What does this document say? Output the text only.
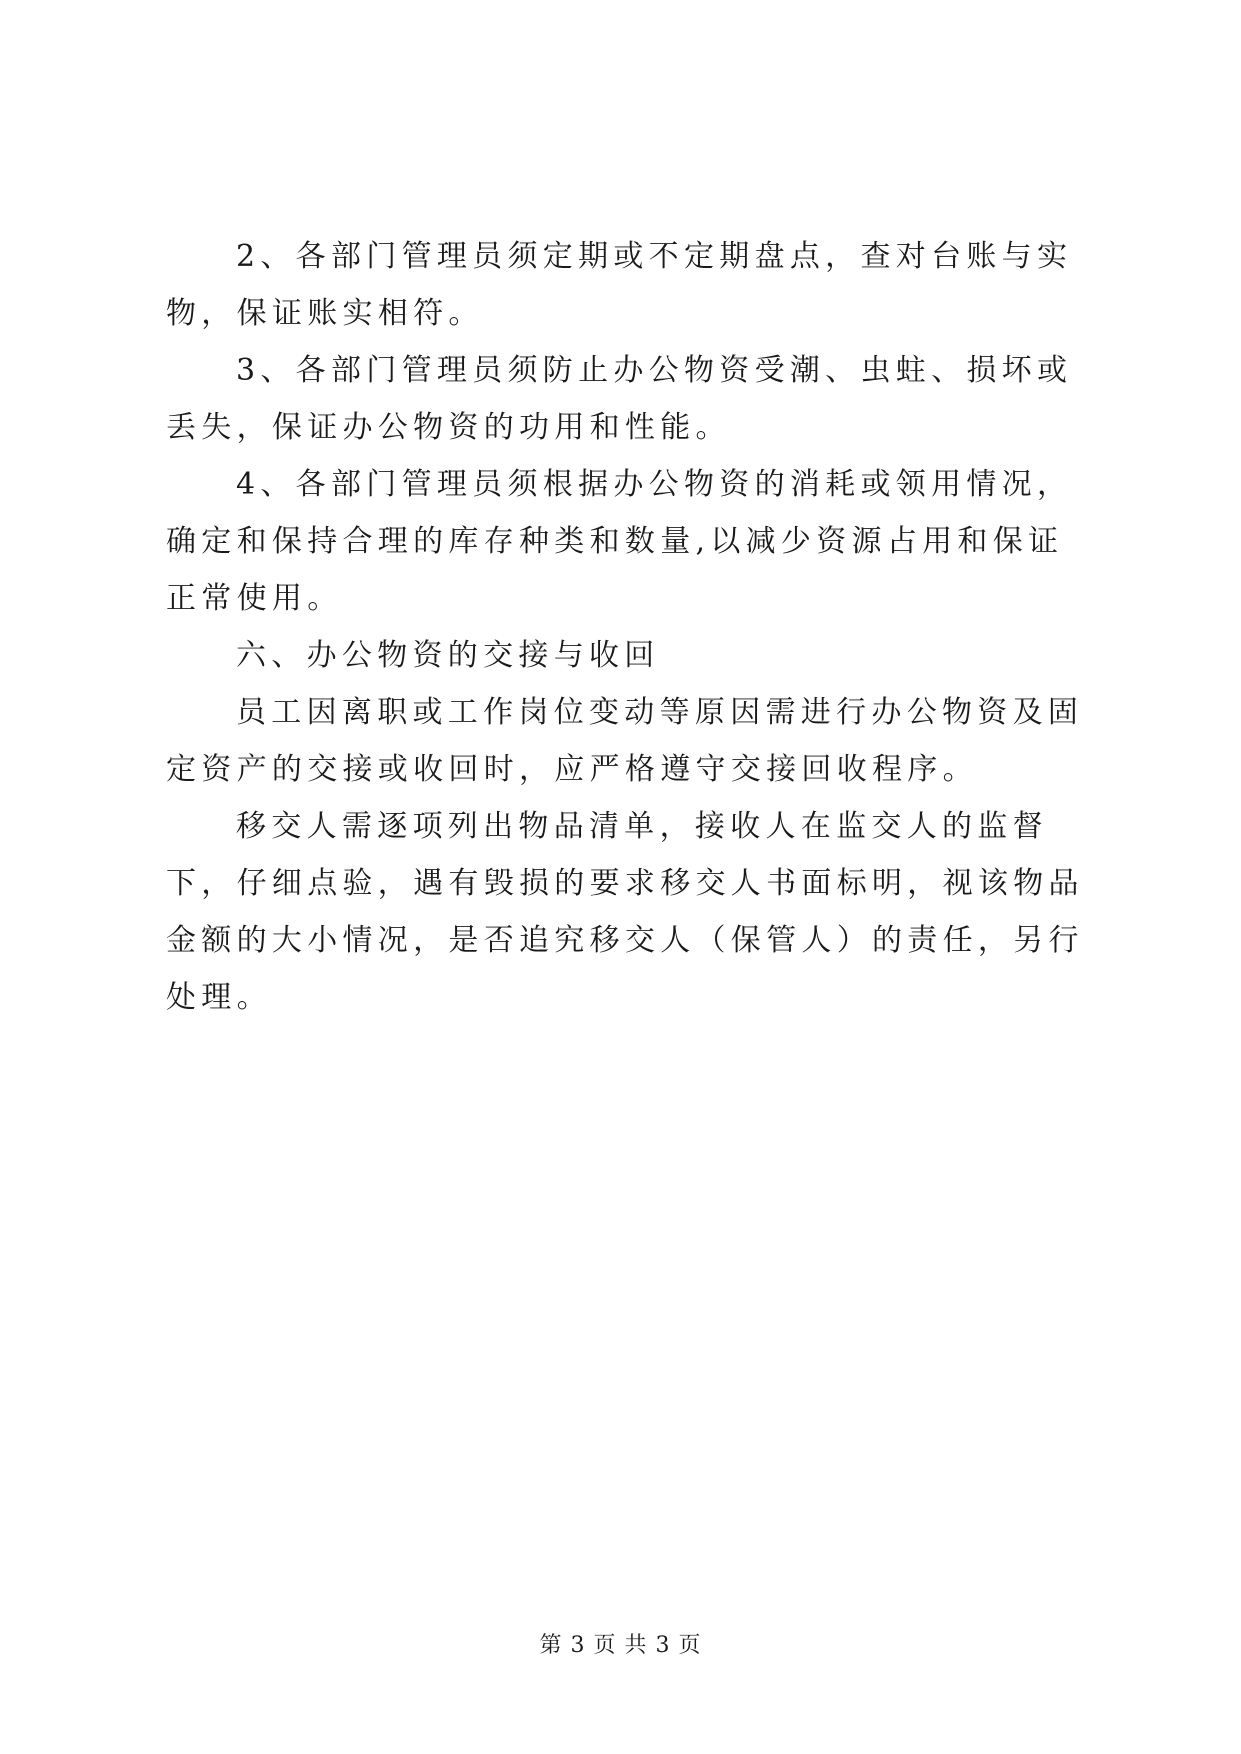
2、各部门管理员须定期或不定期盘点，查对台账与实物，保证账实相符。

3、各部门管理员须防止办公物资受潮、虫蛀、损坏或丢失，保证办公物资的功用和性能。

4、各部门管理员须根据办公物资的消耗或领用情况，确定和保持合理的库存种类和数量,以减少资源占用和保证正常使用。

六、办公物资的交接与收回

员工因离职或工作岗位变动等原因需进行办公物资及固定资产的交接或收回时，应严格遵守交接回收程序。

移交人需逐项列出物品清单，接收人在监交人的监督下，仔细点验，遇有毁损的要求移交人书面标明，视该物品金额的大小情况，是否追究移交人（保管人）的责任，另行处理。

第 3 页 共 3 页
